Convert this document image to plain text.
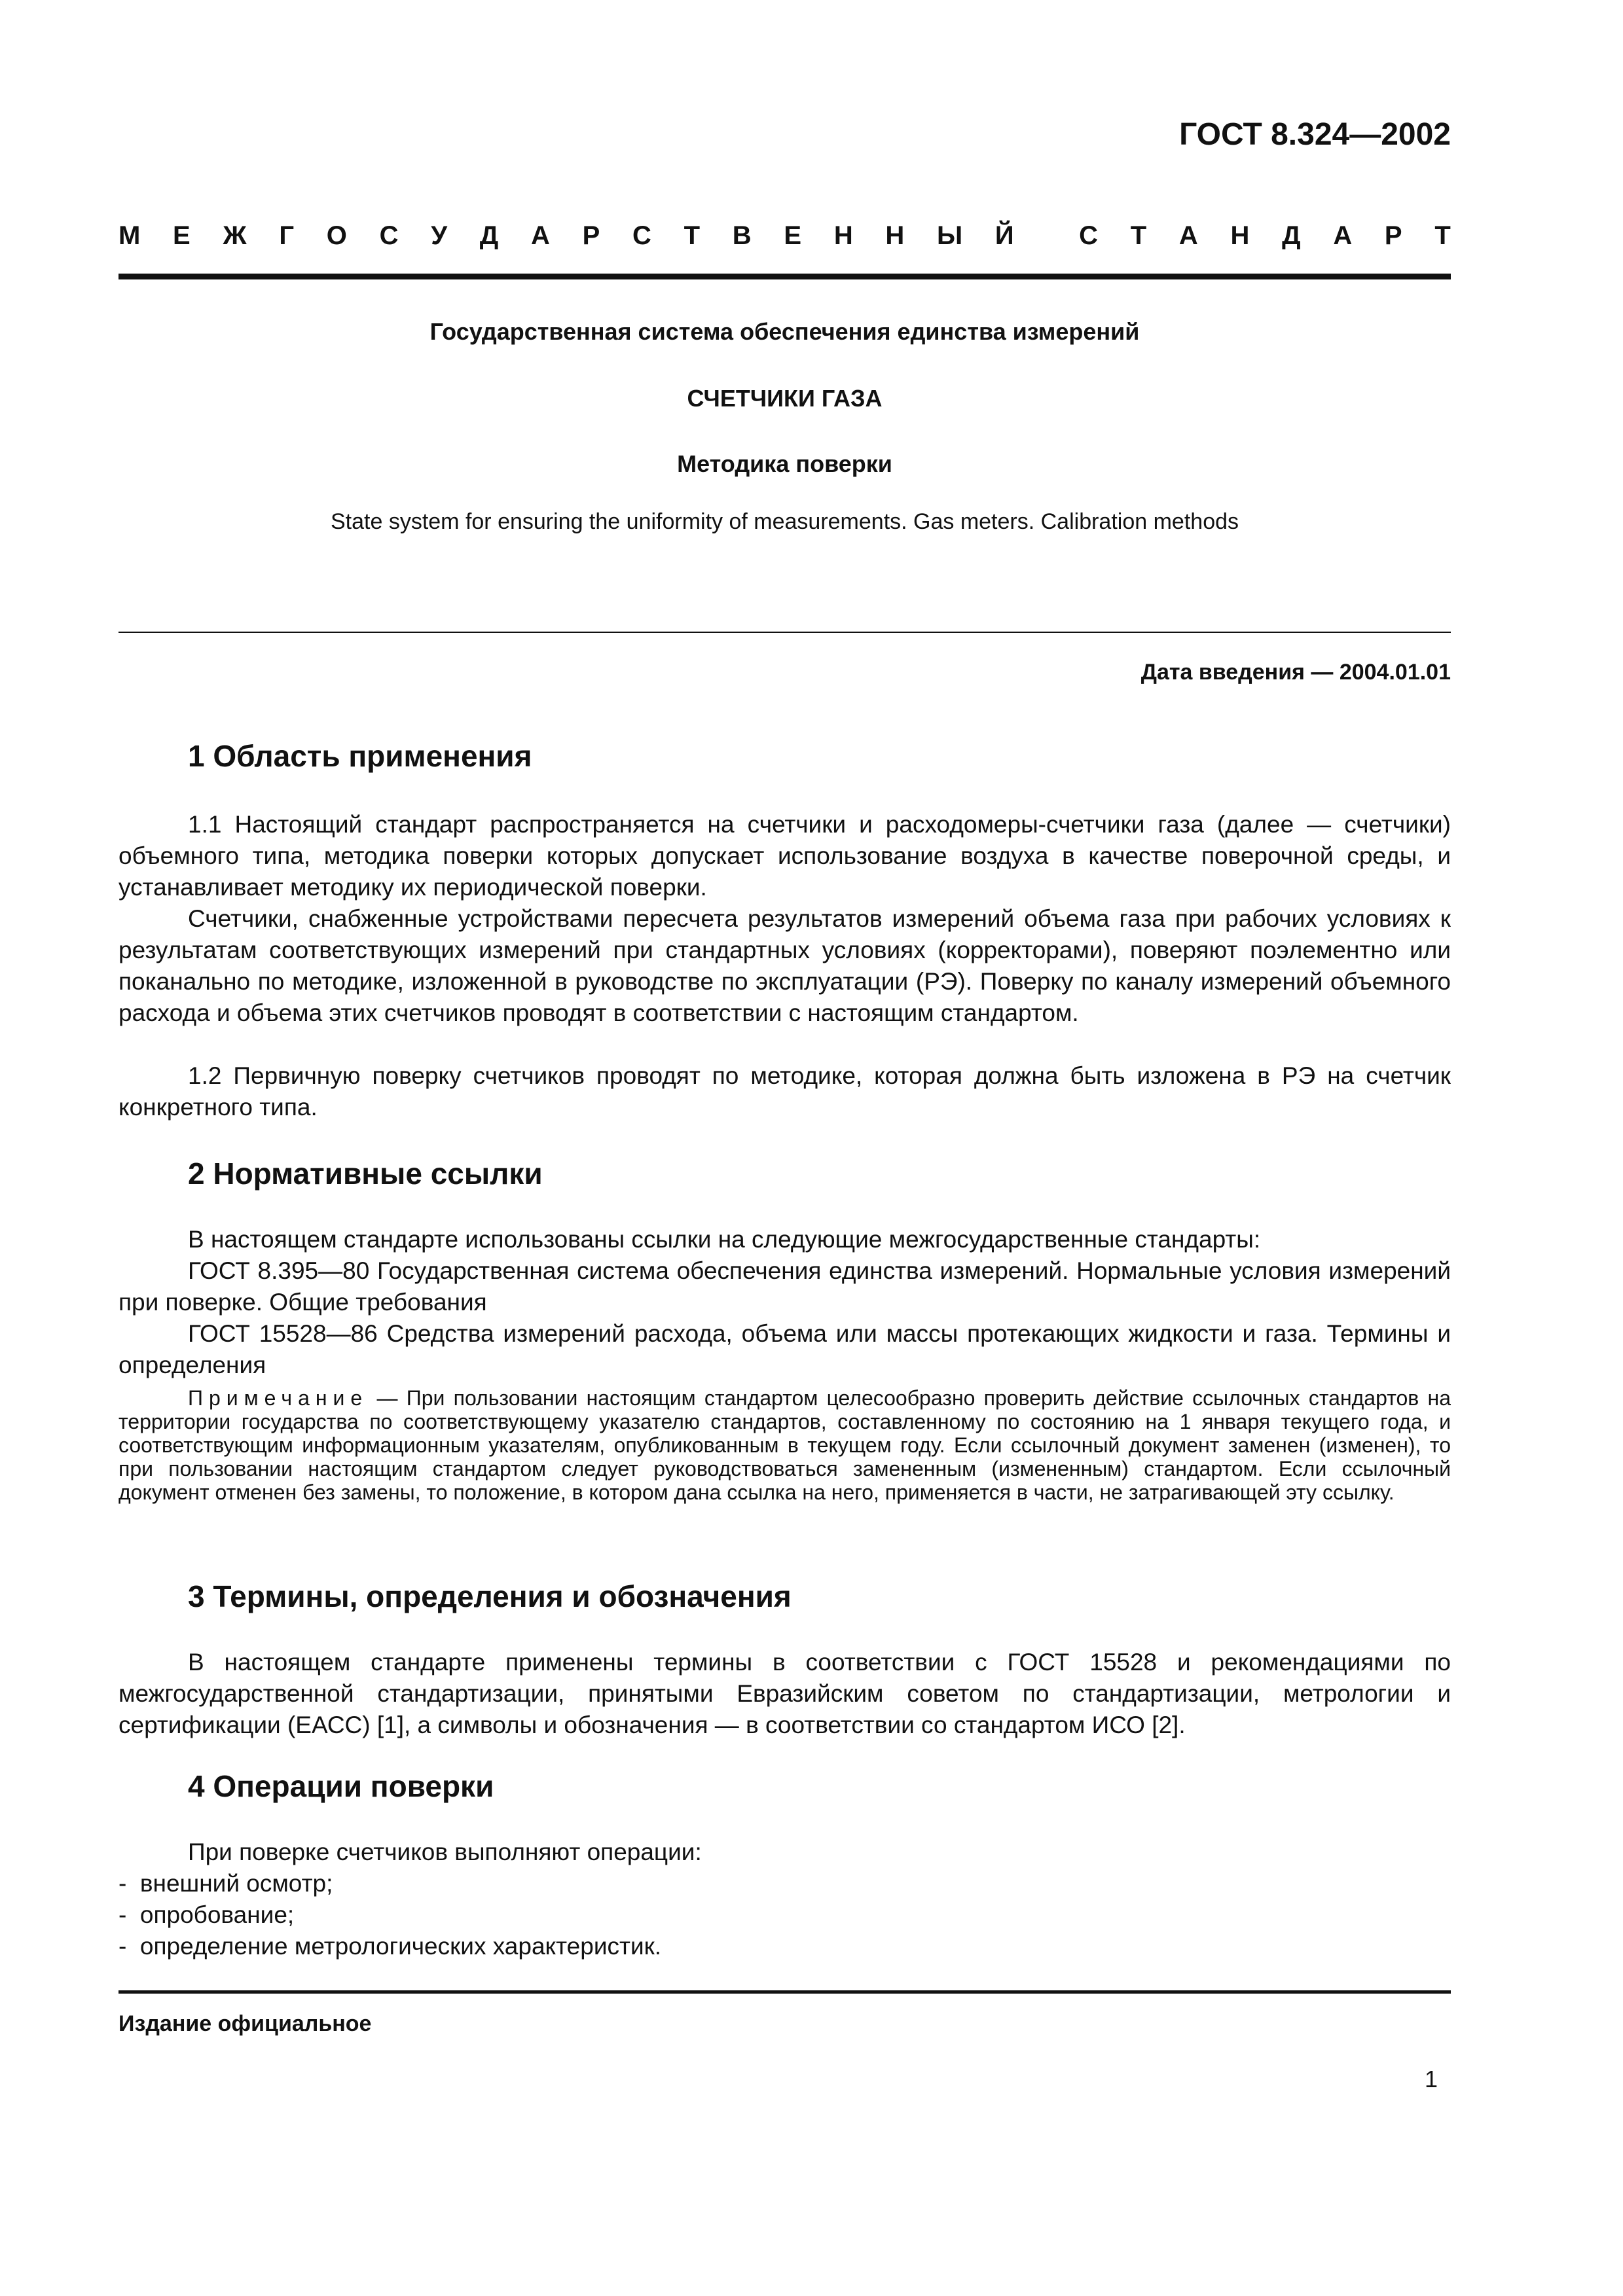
ГОСТ 8.324—2002
М Е Ж Г О С У Д А Р С Т В Е Н Н Ы Й С Т А Н Д А Р Т
Государственная система обеспечения единства измерений
СЧЕТЧИКИ ГАЗА
Методика поверки
State system for ensuring the uniformity of measurements. Gas meters. Calibration methods
Дата введения — 2004.01.01
1 Область применения
1.1 Настоящий стандарт распространяется на счетчики и расходомеры-счетчики газа (далее — счетчики) объемного типа, методика поверки которых допускает использование воздуха в качестве поверочной среды, и устанавливает методику их периодической поверки.
Счетчики, снабженные устройствами пересчета результатов измерений объема газа при рабочих условиях к результатам соответствующих измерений при стандартных условиях (корректорами), поверяют поэлементно или поканально по методике, изложенной в руководстве по эксплуатации (РЭ). Поверку по каналу измерений объемного расхода и объема этих счетчиков проводят в соответствии с настоящим стандартом.
1.2 Первичную поверку счетчиков проводят по методике, которая должна быть изложена в РЭ на счетчик конкретного типа.
2 Нормативные ссылки
В настоящем стандарте использованы ссылки на следующие межгосударственные стандарты:
ГОСТ 8.395—80 Государственная система обеспечения единства измерений. Нормальные условия измерений при поверке. Общие требования
ГОСТ 15528—86 Средства измерений расхода, объема или массы протекающих жидкости и газа. Термины и определения
Примечание — При пользовании настоящим стандартом целесообразно проверить действие ссылочных стандартов на территории государства по соответствующему указателю стандартов, составленному по состоянию на 1 января текущего года, и соответствующим информационным указателям, опубликованным в текущем году. Если ссылочный документ заменен (изменен), то при пользовании настоящим стандартом следует руководствоваться замененным (измененным) стандартом. Если ссылочный документ отменен без замены, то положение, в котором дана ссылка на него, применяется в части, не затрагивающей эту ссылку.
3 Термины, определения и обозначения
В настоящем стандарте применены термины в соответствии с ГОСТ 15528 и рекомендациями по межгосударственной стандартизации, принятыми Евразийским советом по стандартизации, метрологии и сертификации (ЕАСС) [1], а символы и обозначения — в соответствии со стандартом ИСО [2].
4 Операции поверки
При поверке счетчиков выполняют операции:
-  внешний осмотр;
-  опробование;
-  определение метрологических характеристик.
Издание официальное
1
